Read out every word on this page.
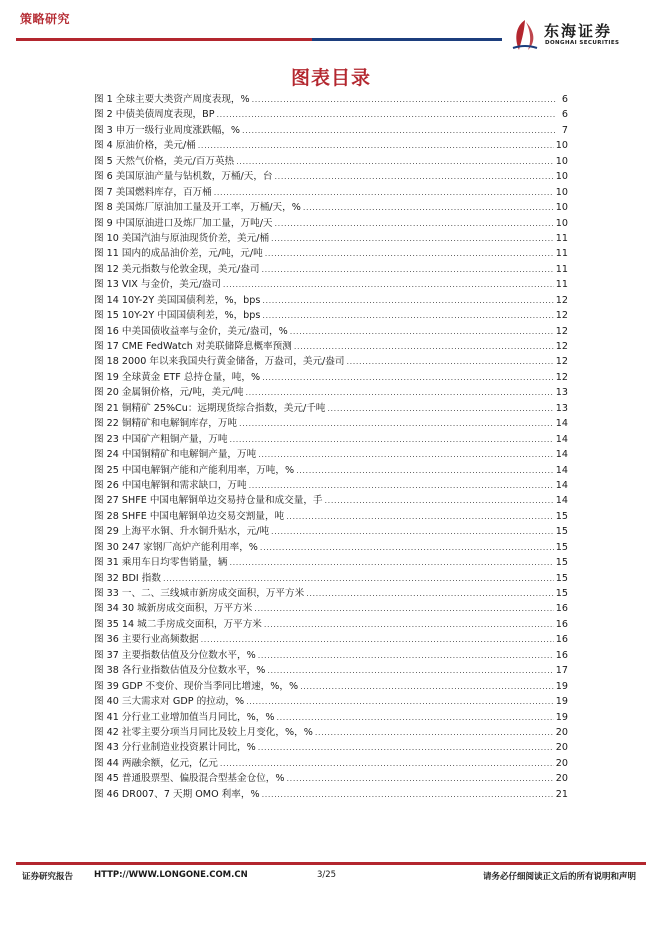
策略研究
东海证券
DONGHAI SECURITIES
图表目录
图 1 全球主要大类资产周度表现，% .....	6
图 2 中债美债周度表现，BP .....	6
图 3 申万一级行业周度涨跌幅，% .....	7
图 4 原油价格，美元/桶 .....	10
图 5 天然气价格，美元/百万英热 .....	10
图 6 美国原油产量与钻机数，万桶/天，台 .....	10
图 7 美国燃料库存，百万桶 .....	10
图 8 美国炼厂原油加工量及开工率，万桶/天，% .....	10
图 9 中国原油进口及炼厂加工量，万吨/天 .....	10
图 10 美国汽油与原油现货价差，美元/桶 .....	11
图 11 国内的成品油价差，元/吨，元/吨 .....	11
图 12 美元指数与伦敦金现，美元/盎司 .....	11
图 13 VIX 与金价，美元/盎司 .....	11
图 14 10Y-2Y 美国国债利差，%，bps .....	12
图 15 10Y-2Y 中国国债利差，%，bps .....	12
图 16 中美国债收益率与金价，美元/盎司，% .....	12
图 17 CME FedWatch 对美联储降息概率预测 .....	12
图 18 2000 年以来我国央行黄金储备，万盎司，美元/盎司 .....	12
图 19 全球黄金 ETF 总持仓量，吨，% .....	12
图 20 金属铜价格，元/吨，美元/吨 .....	13
图 21 铜精矿 25%Cu：远期现货综合指数，美元/千吨 .....	13
图 22 铜精矿和电解铜库存，万吨 .....	14
图 23 中国矿产粗铜产量，万吨 .....	14
图 24 中国铜精矿和电解铜产量，万吨 .....	14
图 25 中国电解铜产能和产能利用率，万吨，% .....	14
图 26 中国电解铜和需求缺口，万吨 .....	14
图 27 SHFE 中国电解铜单边交易持仓量和成交量，手 .....	14
图 28 SHFE 中国电解铜单边交易交割量，吨 .....	15
图 29 上海平水铜、升水铜升贴水，元/吨 .....	15
图 30 247 家钢厂高炉产能利用率，% .....	15
图 31 乘用车日均零售销量，辆 .....	15
图 32 BDI 指数 .....	15
图 33 一、二、三线城市新房成交面积，万平方米 .....	15
图 34 30 城新房成交面积，万平方米 .....	16
图 35 14 城二手房成交面积，万平方米 .....	16
图 36 主要行业高频数据 .....	16
图 37 主要指数估值及分位数水平，% .....	16
图 38 各行业指数估值及分位数水平，% .....	17
图 39 GDP 不变价、现价当季同比增速，%，% .....	19
图 40 三大需求对 GDP 的拉动，% .....	19
图 41 分行业工业增加值当月同比，%，% .....	19
图 42 社零主要分项当月同比及较上月变化，%，% .....	20
图 43 分行业制造业投资累计同比，% .....	20
图 44 两融余额，亿元，亿元 .....	20
图 45 普通股票型、偏股混合型基金仓位，% .....	20
图 46 DR007、7 天期 OMO 利率，% .....	21
证券研究报告 HTTP://WWW.LONGONE.COM.CN	3/25	请务必仔细阅读正文后的所有说明和声明
